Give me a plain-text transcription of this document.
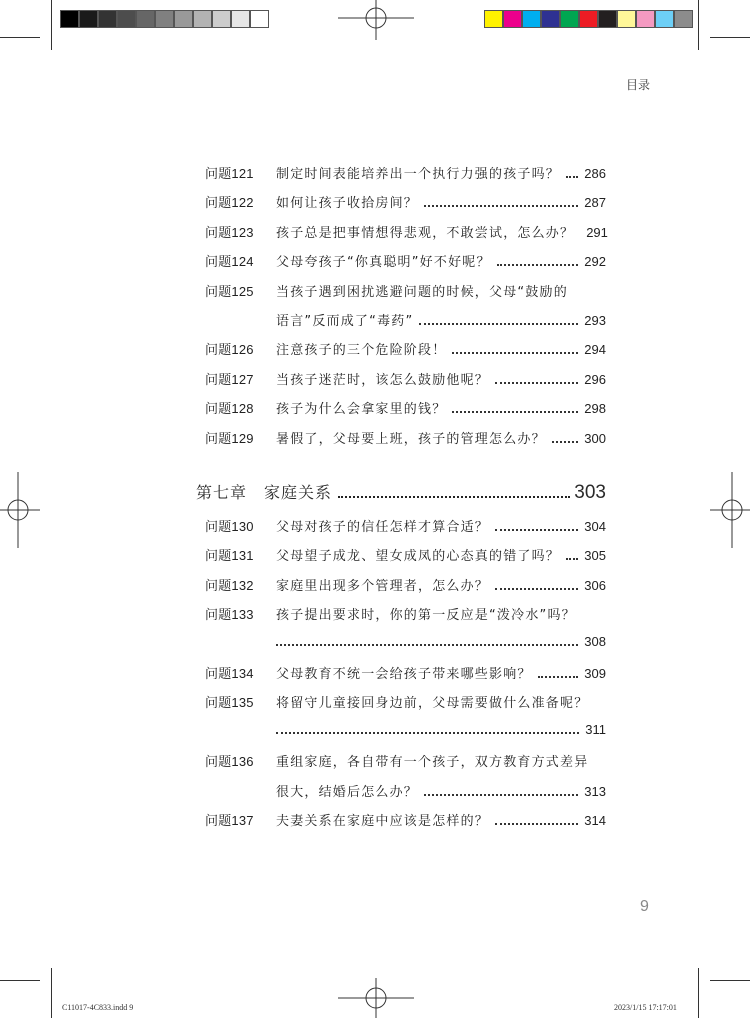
目录
问题121 制定时间表能培养出一个执行力强的孩子吗？ 286
问题122 如何让孩子收拾房间？	287
问题123 孩子总是把事情想得悲观，不敢尝试，怎么办？ 291
问题124 父母夸孩子“你真聪明”好不好呢？	292
问题125 当孩子遇到困扰逃避问题的时候，父母“鼓励的
语言”反而成了“毒药”	293
问题126 注意孩子的三个危险阶段！	294
问题127 当孩子迷茫时，该怎么鼓励他呢？	296
问题128 孩子为什么会拿家里的钱？	298
问题129 暑假了，父母要上班，孩子的管理怎么办？	300
第七章　家庭关系	303
问题130 父母对孩子的信任怎样才算合适？	304
问题131 父母望子成龙、望女成凤的心态真的错了吗？ 305
问题132 家庭里出现多个管理者，怎么办？	306
问题133 孩子提出要求时，你的第一反应是“泼冷水”吗？
308
问题134 父母教育不统一会给孩子带来哪些影响？	309
问题135 将留守儿童接回身边前，父母需要做什么准备呢？
311
问题136 重组家庭，各自带有一个孩子，双方教育方式差异
很大，结婚后怎么办？	313
问题137 夫妻关系在家庭中应该是怎样的？	314
9
C11017-4C833.indd 9	2023/1/15 17:17:01
